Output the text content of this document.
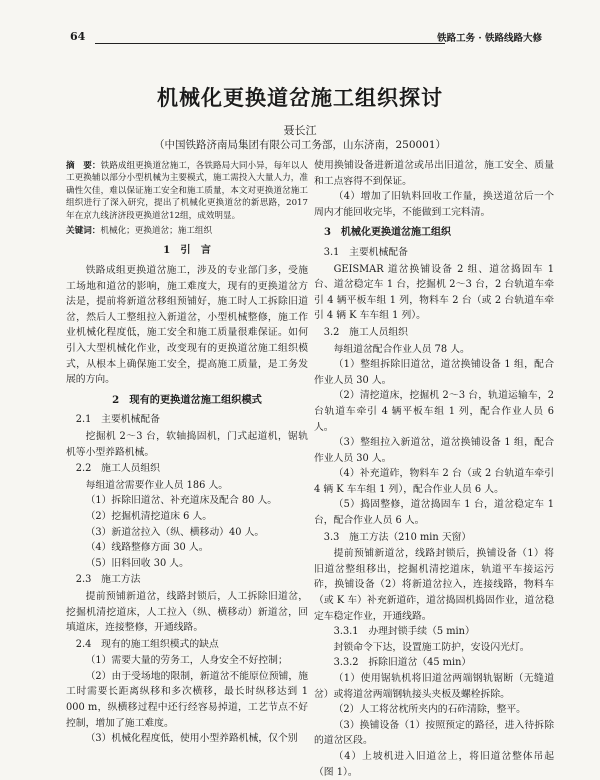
64	铁路工务 · 铁路线路大修
机械化更换道岔施工组织探讨
聂长江
（中国铁路济南局集团有限公司工务部，山东济南，250001）
摘　要：铁路成组更换道岔施工，各铁路局大同小异，每年以人工更换辅以部分小型机械为主要模式，施工需投入大量人力，准确性欠佳，难以保证施工安全和施工质量，本文对更换道岔施工组织进行了深入研究，提出了机械化更换道岔的新思路，2017年在京九线济济段更换道岔12组，成效明显。
关键词：机械化；更换道岔；施工组织
1　引　言

铁路成组更换道岔施工，涉及的专业部门多，受施工场地和道岔的影响，施工难度大，现有的更换道岔方法是，提前将新道岔移组预铺好，施工时人工拆除旧道岔，然后人工整组拉入新道岔，小型机械整修，施工作业机械化程度低，施工安全和施工质量很难保证。如何引入大型机械化作业，改变现有的更换道岔施工组织模式，从根本上确保施工安全，提高施工质量，是工务发展的方向。

2　现有的更换道岔施工组织模式

2.1　主要机械配备

挖掘机 2～3 台，软轴捣固机，门式起道机，锯轨机等小型养路机械。

2.2　施工人员组织

每组道岔需要作业人员 186 人。

（1）拆除旧道岔、补充道床及配合 80 人。

（2）挖掘机清挖道床 6 人。

（3）新道岔拉入（纵、横移动）40 人。

（4）线路整修方面 30 人。

（5）旧料回收 30 人。

2.3　施工方法

提前预铺新道岔，线路封锁后，人工拆除旧道岔，挖掘机清挖道床，人工拉入（纵、横移动）新道岔，回填道床，连接整修，开通线路。

2.4　现有的施工组织模式的缺点

（1）需要大量的劳务工，人身安全不好控制；

（2）由于受场地的限制，新道岔不能原位预铺，施工时需要长距离纵移和多次横移，最长时纵移达到 1 000 m，纵横移过程中还行经容易掉道，工艺节点不好控制，增加了施工难度。

（3）机械化程度低，使用小型养路机械，仅个别

使用换铺设备进新道岔或吊出旧道岔，施工安全、质量和工点容得不到保证。

（4）增加了旧轨料回收工作量，换送道岔后一个周内才能回收完毕，不能做到工完料清。

3　机械化更换道岔施工组织

3.1　主要机械配备

GEISMAR 道岔换铺设备 2 组、道岔捣固车 1 台、道岔稳定车 1 台，挖掘机 2～3 台，2 台轨道车牵引 4 辆平板车组 1 列，物料车 2 台（或 2 台轨道车牵引 4 辆 K 车车组 1 列）。

3.2　施工人员组织

每组道岔配合作业人员 78 人。

（1）整组拆除旧道岔，道岔换铺设备 1 组，配合作业人员 30 人。

（2）清挖道床，挖掘机 2～3 台，轨道运输车，2 台轨道车牵引 4 辆平板车组 1 列，配合作业人员 6 人。

（3）整组拉入新道岔，道岔换铺设备 1 组，配合作业人员 30 人。

（4）补充道砟，物料车 2 台（或 2 台轨道车牵引 4 辆 K 车车组 1 列），配合作业人员 6 人。

（5）捣固整修，道岔捣固车 1 台，道岔稳定车 1 台，配合作业人员 6 人。

3.3　施工方法（210 min 天窗）

提前预铺新道岔，线路封锁后，换铺设备（1）将旧道岔整组移出，挖掘机清挖道床，轨道平车接运污砟，换铺设备（2）将新道岔拉入，连接线路，物料车（或 K 车）补充新道砟，道岔捣固机捣固作业，道岔稳定车稳定作业，开通线路。

3.3.1　办理封锁手续（5 min）

封锁命令下达，设置施工防护，安设闪光灯。

3.3.2　拆除旧道岔（45 min）

（1）使用锯轨机将旧道岔两端钢轨锯断（无缝道岔）或将道岔两端钢轨接头夹板及螺栓拆除。

（2）人工将岔枕所夹内的石砟清除，整平。

（3）换铺设备（1）按照预定的路径，进入待拆除的道岔区段。

（4）上坡机进入旧道岔上，将旧道岔整体吊起（图 1）。
